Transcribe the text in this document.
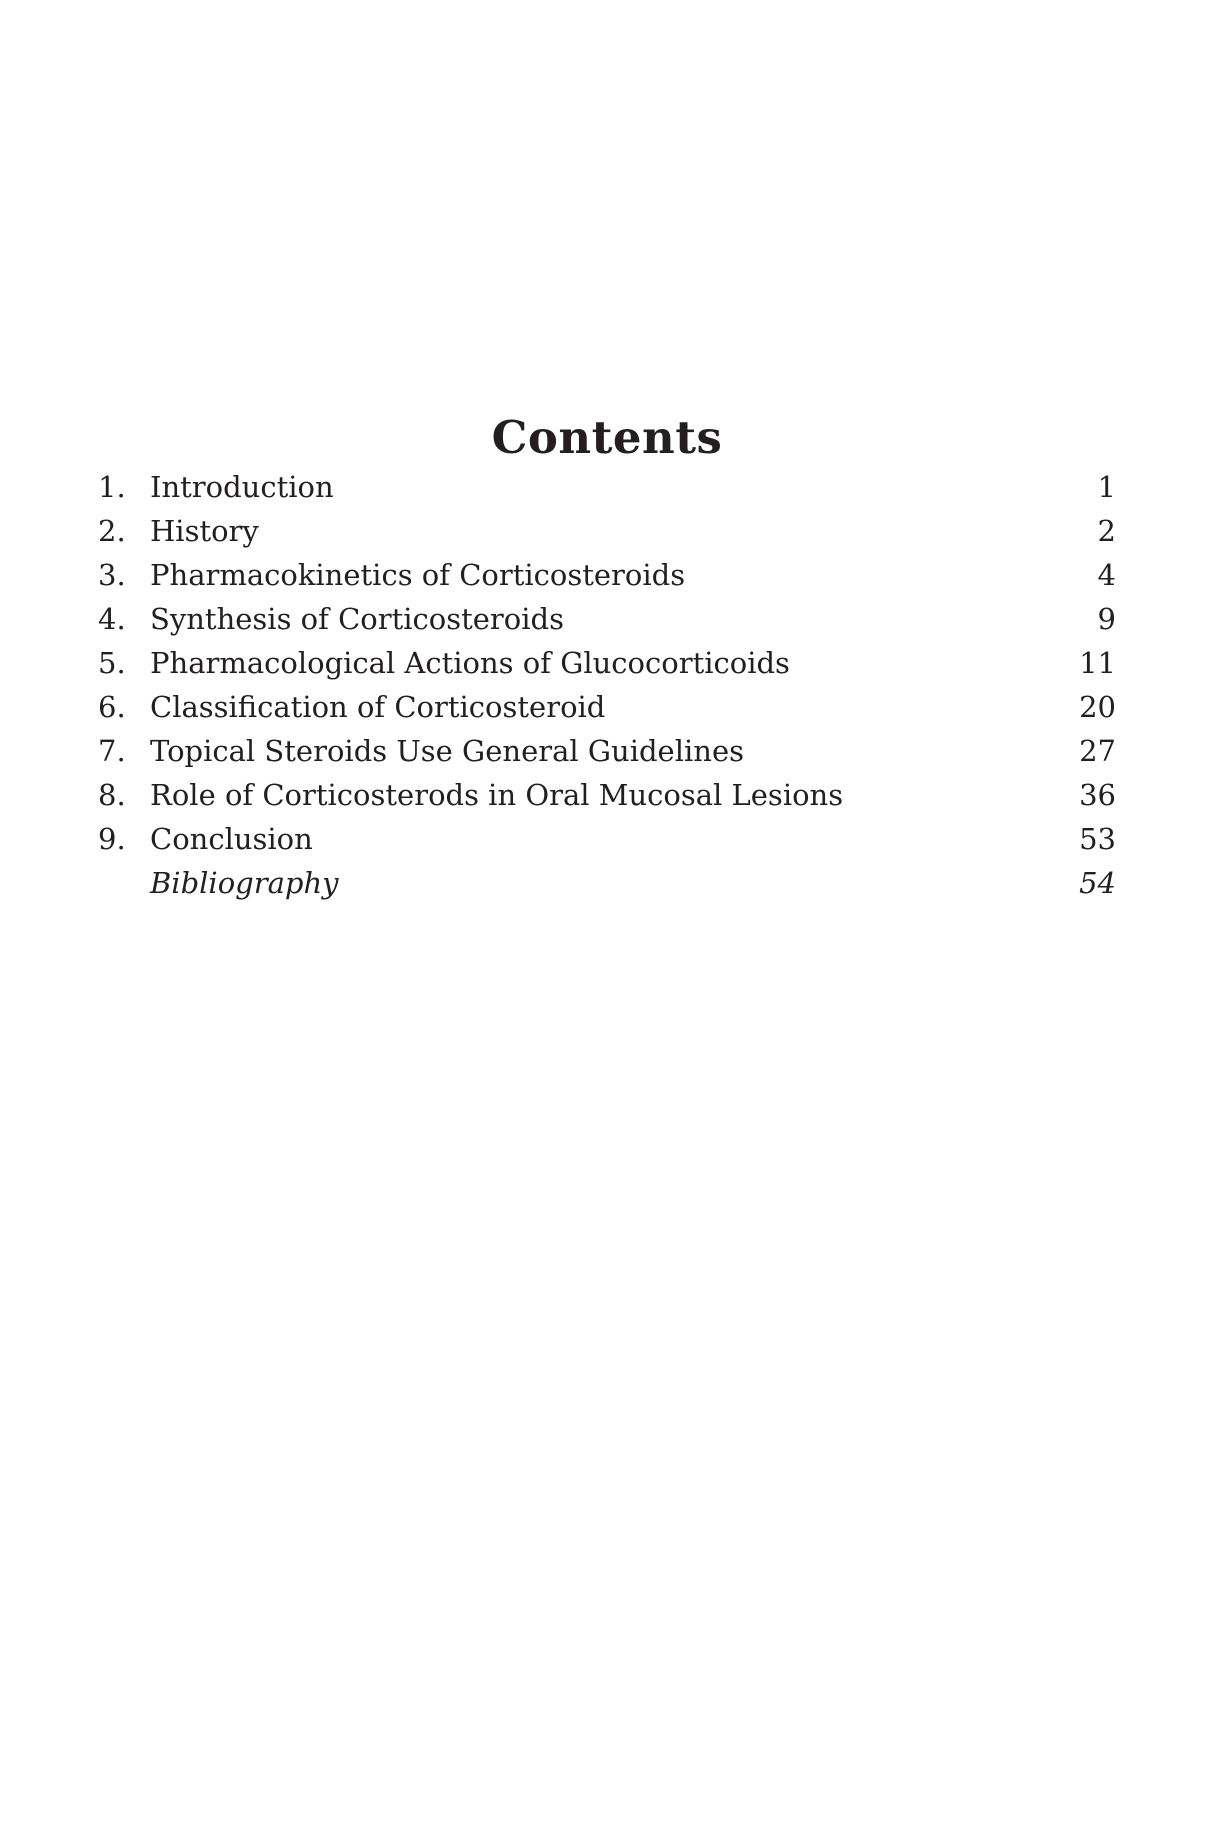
Contents
1. Introduction	1
2. History	2
3. Pharmacokinetics of Corticosteroids	4
4. Synthesis of Corticosteroids	9
5. Pharmacological Actions of Glucocorticoids	11
6. Classification of Corticosteroid	20
7. Topical Steroids Use General Guidelines	27
8. Role of Corticosterods in Oral Mucosal Lesions	36
9. Conclusion	53
Bibliography	54
